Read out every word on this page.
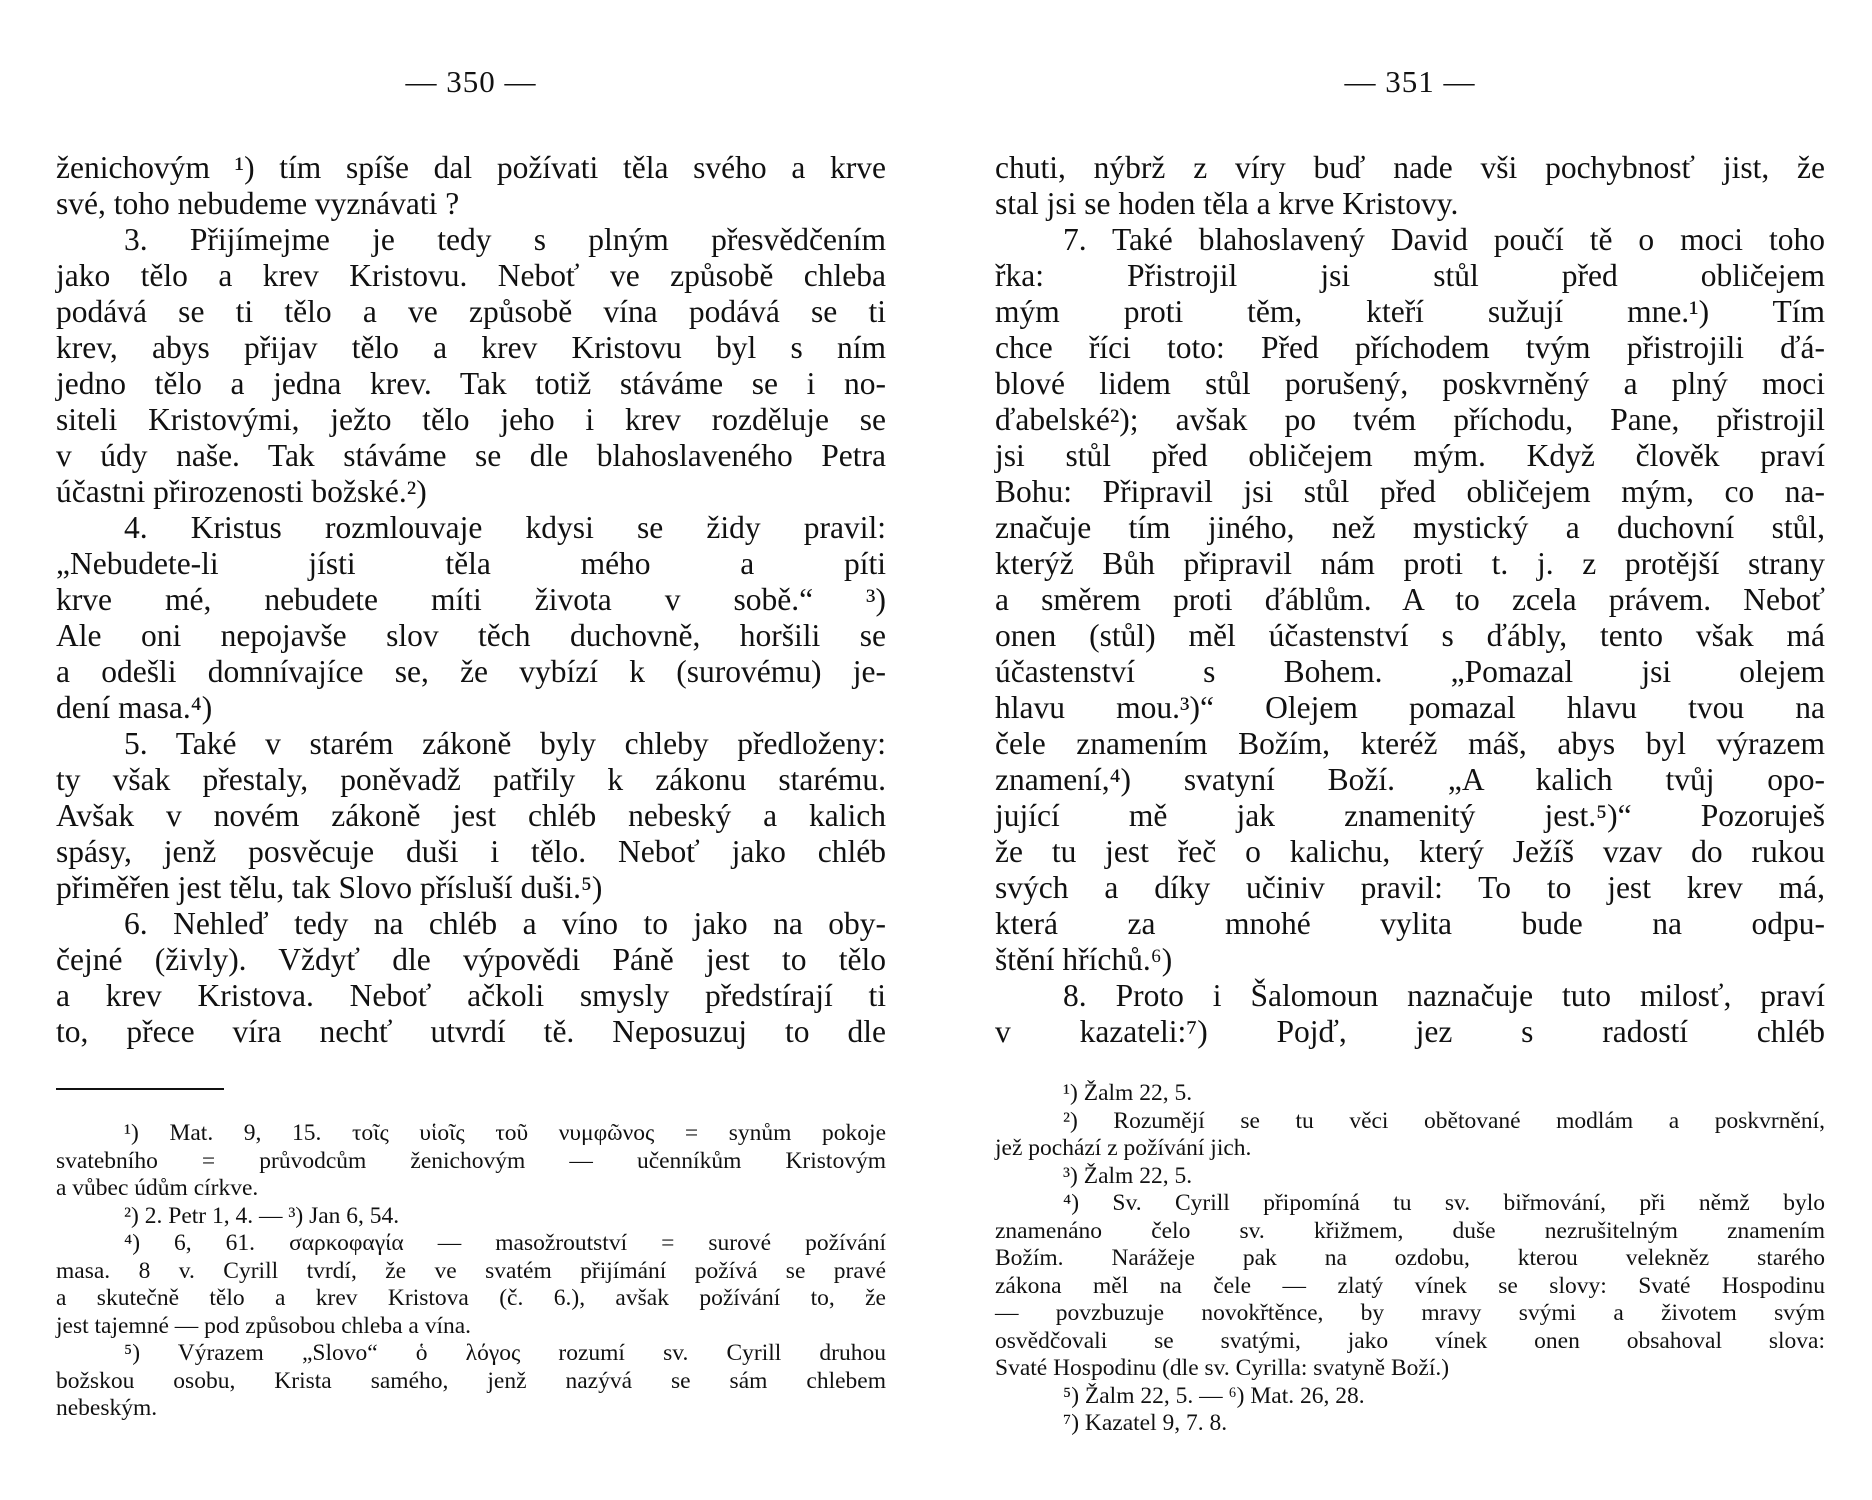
— 350 —
ženichovým ¹) tím spíše dal požívati těla svého a krve
své, toho nebudeme vyznávati ?
3. Přijímejme je tedy s plným přesvědčením
jako tělo a krev Kristovu. Neboť ve způsobě chleba
podává se ti tělo a ve způsobě vína podává se ti
krev, abys přijav tělo a krev Kristovu byl s ním
jedno tělo a jedna krev. Tak totiž stáváme se i no-
siteli Kristovými, ježto tělo jeho i krev rozděluje se
v údy naše. Tak stáváme se dle blahoslaveného Petra
účastni přirozenosti božské.²)
4. Kristus rozmlouvaje kdysi se židy pravil:
„Nebudete-li jísti těla mého a píti
krve mé, nebudete míti života v sobě.“ ³)
Ale oni nepojavše slov těch duchovně, horšili se
a odešli domnívajíce se, že vybízí k (surovému) je-
dení masa.⁴)
5. Také v starém zákoně byly chleby předloženy:
ty však přestaly, poněvadž patřily k zákonu starému.
Avšak v novém zákoně jest chléb nebeský a kalich
spásy, jenž posvěcuje duši i tělo. Neboť jako chléb
přiměřen jest tělu, tak Slovo přísluší duši.⁵)
6. Nehleď tedy na chléb a víno to jako na oby-
čejné (živly). Vždyť dle výpovědi Páně jest to tělo
a krev Kristova. Neboť ačkoli smysly předstírají ti
to, přece víra nechť utvrdí tě. Neposuzuj to dle
¹) Mat. 9, 15. τοῖς υἱοῖς τοῦ νυμφῶνος = synům pokoje
svatebního = průvodcům ženichovým — učenníkům Kristovým
a vůbec údům církve.
²) 2. Petr 1, 4. — ³) Jan 6, 54.
⁴) 6, 61. σαρκοφαγία — masožroutství = surové požívání
masa. 8 v. Cyrill tvrdí, že ve svatém přijímání požívá se pravé
a skutečně tělo a krev Kristova (č. 6.), avšak požívání to, že
jest tajemné — pod způsobou chleba a vína.
⁵) Výrazem „Slovo“ ὁ λόγος rozumí sv. Cyrill druhou
božskou osobu, Krista samého, jenž nazývá se sám chlebem
nebeským.
— 351 —
chuti, nýbrž z víry buď nade vši pochybnosť jist, že
stal jsi se hoden těla a krve Kristovy.
7. Také blahoslavený David poučí tě o moci toho
řka: Přistrojil jsi stůl před obličejem
mým proti těm, kteří sužují mne.¹) Tím
chce říci toto: Před příchodem tvým přistrojili ďá-
blové lidem stůl porušený, poskvrněný a plný moci
ďabelské²); avšak po tvém příchodu, Pane, přistrojil
jsi stůl před obličejem mým. Když člověk praví
Bohu: Připravil jsi stůl před obličejem mým, co na-
značuje tím jiného, než mystický a duchovní stůl,
kterýž Bůh připravil nám proti t. j. z protější strany
a směrem proti ďáblům. A to zcela právem. Neboť
onen (stůl) měl účastenství s ďábly, tento však má
účastenství s Bohem. „Pomazal jsi olejem
hlavu mou.³)“ Olejem pomazal hlavu tvou na
čele znamením Božím, kteréž máš, abys byl výrazem
znamení,⁴) svatyní Boží. „A kalich tvůj opo-
jující mě jak znamenitý jest.⁵)“ Pozoruješ
že tu jest řeč o kalichu, který Ježíš vzav do rukou
svých a díky učiniv pravil: To to jest krev má,
která za mnohé vylita bude na odpu-
štění hříchů.⁶)
8. Proto i Šalomoun naznačuje tuto milosť, praví
v kazateli:⁷) Pojď, jez s radostí chléb
¹) Žalm 22, 5.
²) Rozumějí se tu věci obětované modlám a poskvrnění,
jež pochází z požívání jich.
³) Žalm 22, 5.
⁴) Sv. Cyrill připomíná tu sv. biřmování, při němž bylo
znamenáno čelo sv. křižmem, duše nezrušitelným znamením
Božím. Narážeje pak na ozdobu, kterou velekněz starého
zákona měl na čele — zlatý vínek se slovy: Svaté Hospodinu
— povzbuzuje novokřtěnce, by mravy svými a životem svým
osvědčovali se svatými, jako vínek onen obsahoval slova:
Svaté Hospodinu (dle sv. Cyrilla: svatyně Boží.)
⁵) Žalm 22, 5. — ⁶) Mat. 26, 28.
⁷) Kazatel 9, 7. 8.
